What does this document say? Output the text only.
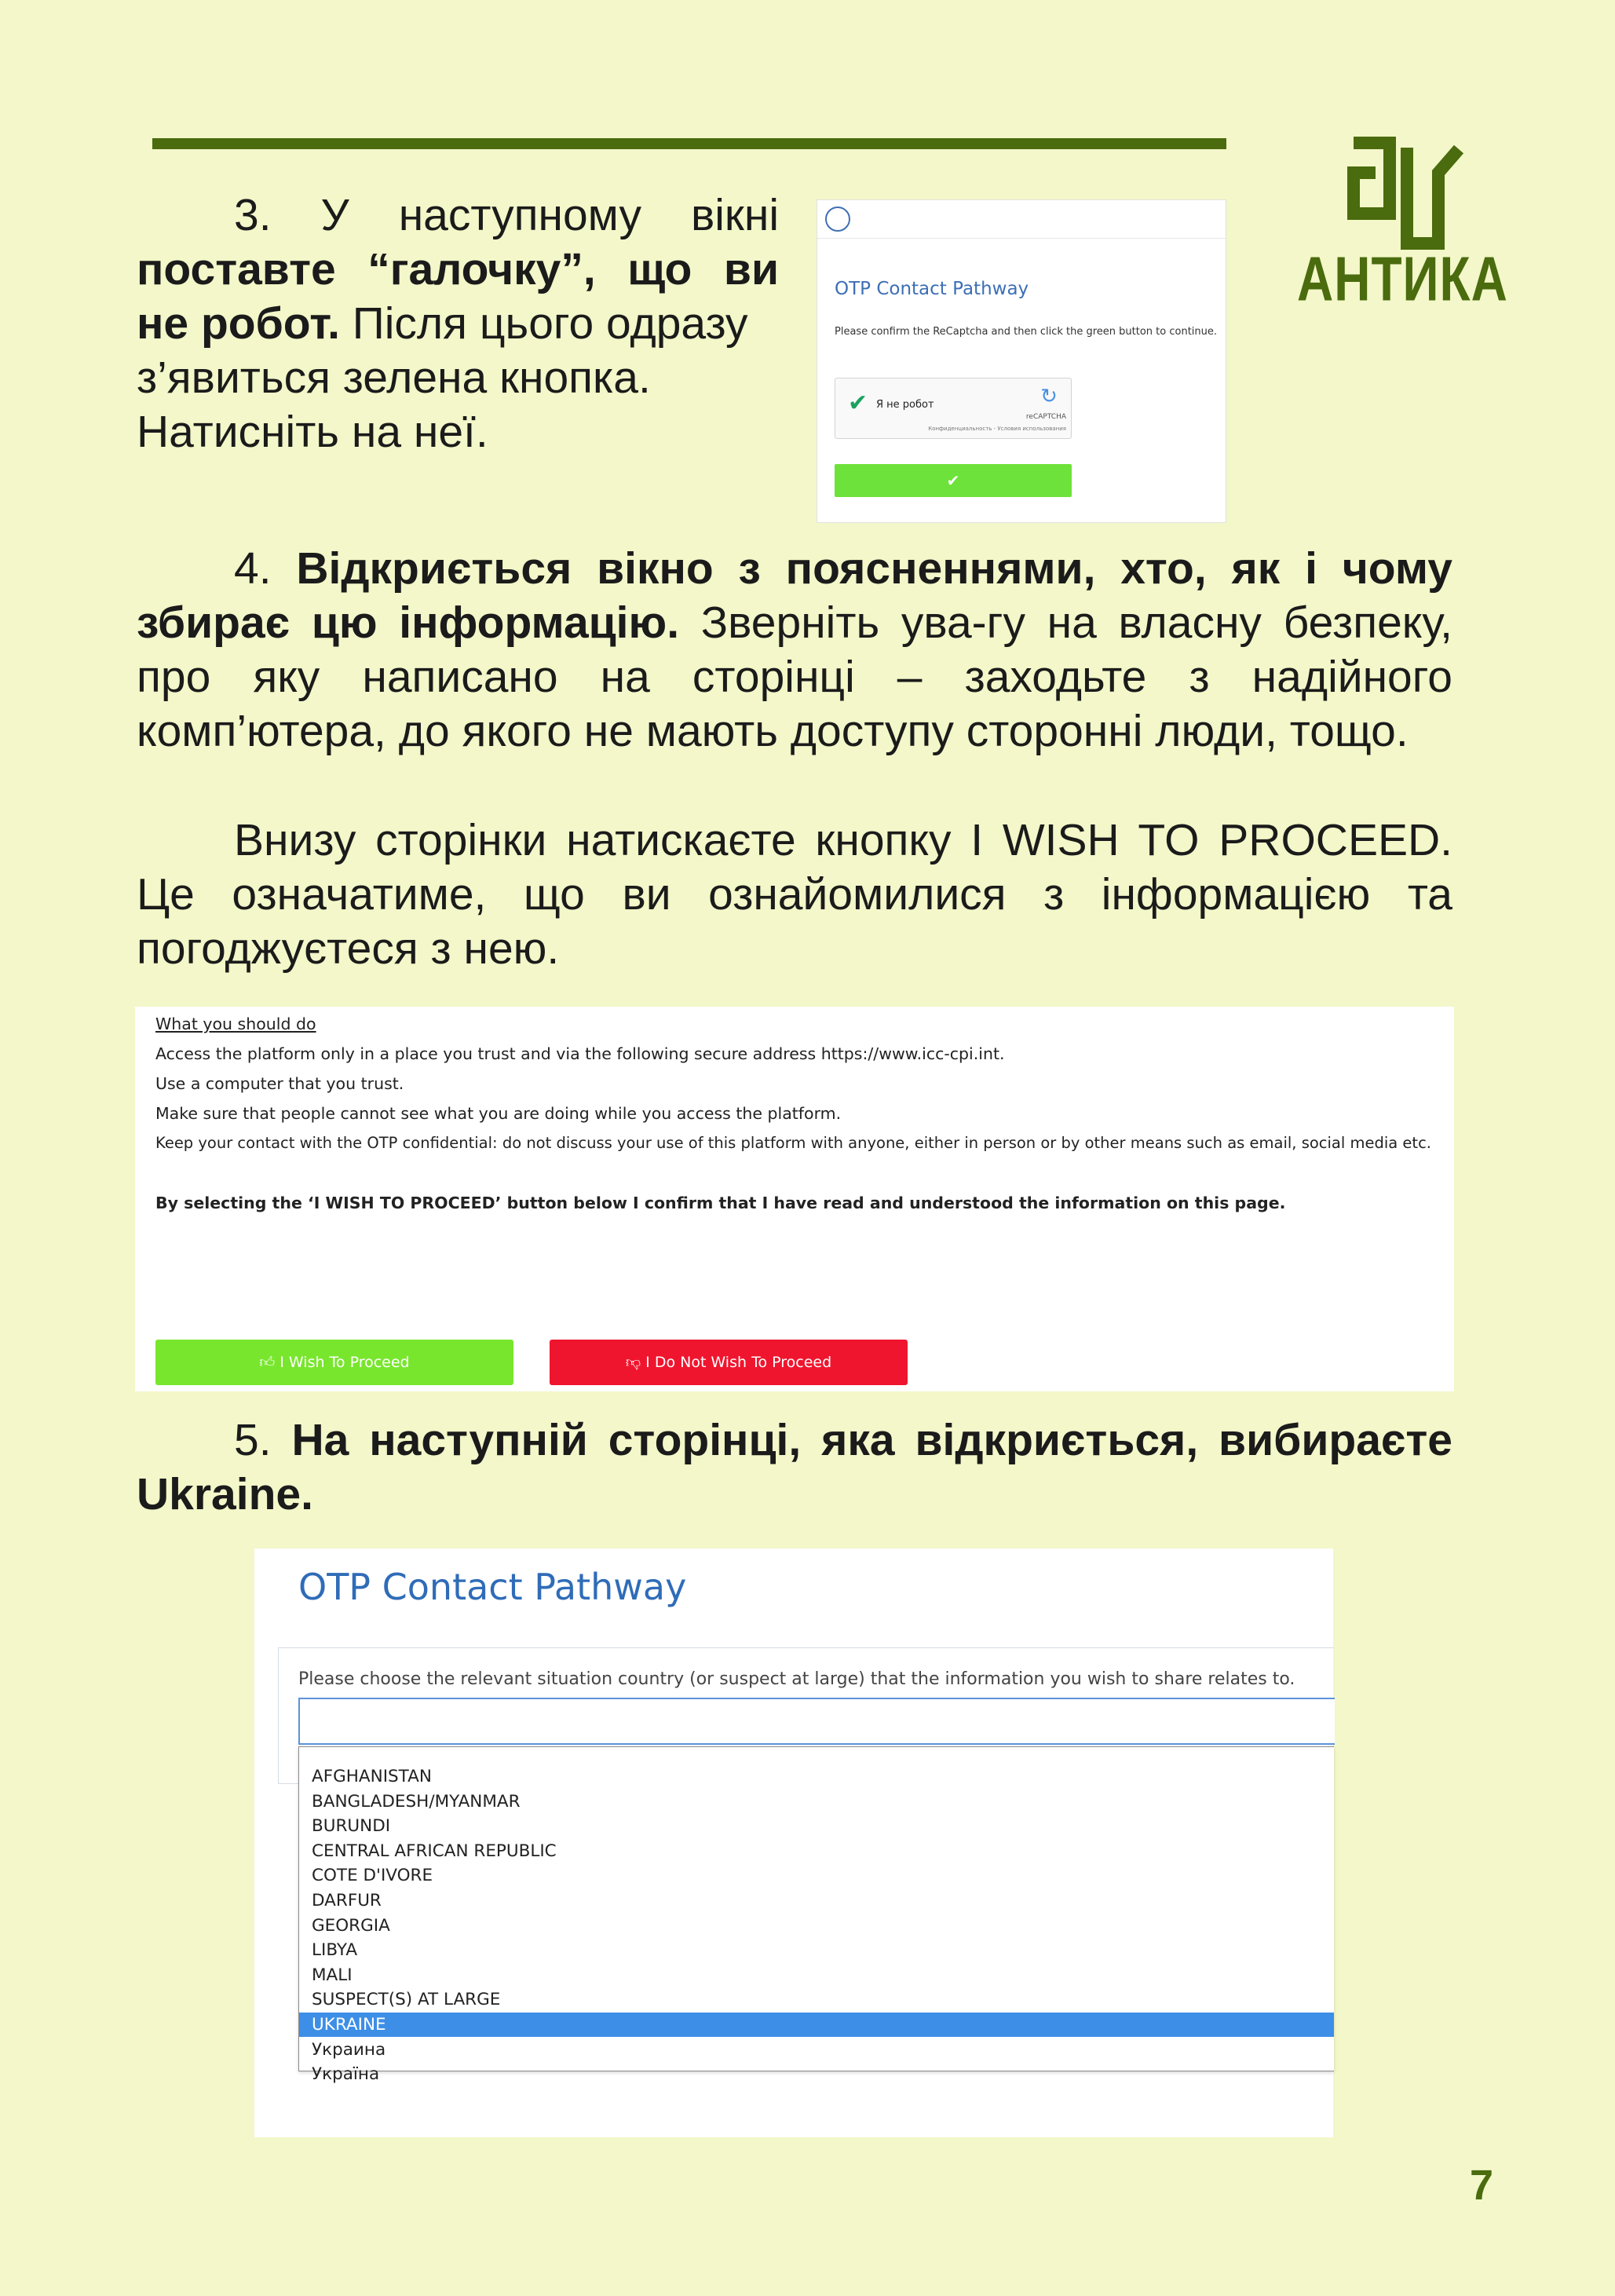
АНТИКА
3. У наступному вікні
поставте “галочку”, що ви
не робот. Після цього одразу
з’явиться зелена кнопка.
Натисніть на неї.
OTP Contact Pathway
Please confirm the ReCaptcha and then click the green button to continue.
✔ Я не робот	↻
reCAPTCHA
Конфиденциальность - Условия использования
✔
4. Відкриється вікно з поясненнями, хто, як і чому збирає цю інформацію. Зверніть ува-гу на власну безпеку, про яку написано на сторінці – заходьте з надійного комп’ютера, до якого не мають доступу сторонні люди, тощо.
Внизу сторінки натискаєте кнопку I WISH TO PROCEED. Це означатиме, що ви ознайомилися з інформацією та погоджуєтеся з нею.
What you should do
Access the platform only in a place you trust and via the following secure address https://www.icc-cpi.int.
Use a computer that you trust.
Make sure that people cannot see what you are doing while you access the platform.
Keep your contact with the OTP confidential: do not discuss your use of this platform with anyone, either in person or by other means such as email, social media etc.
By selecting the ‘I WISH TO PROCEED’ button below I confirm that I have read and understood the information on this page.
👍︎ I Wish To Proceed	👎︎ I Do Not Wish To Proceed
5. На наступній сторінці, яка відкриється, вибираєте Ukraine.
OTP Contact Pathway
Please choose the relevant situation country (or suspect at large) that the information you wish to share relates to.
AFGHANISTAN
BANGLADESH/MYANMAR
BURUNDI
CENTRAL AFRICAN REPUBLIC
COTE D'IVORE
DARFUR
GEORGIA
LIBYA
MALI
SUSPECT(S) AT LARGE
UKRAINE
Украина
Україна
7
